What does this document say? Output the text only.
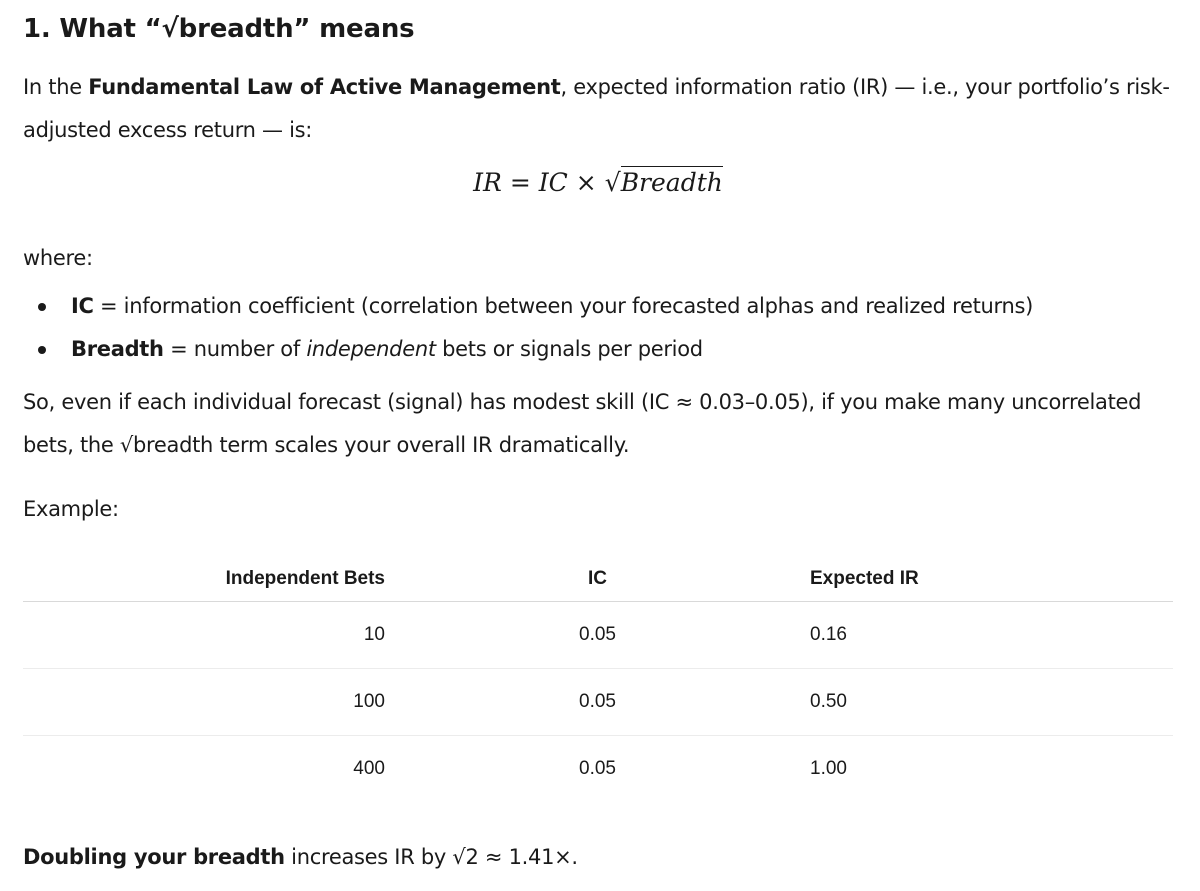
1. What “√breadth” means

In the Fundamental Law of Active Management, expected information ratio (IR) — i.e., your portfolio’s risk-adjusted excess return — is:

IR = IC × √Breadth

where:

IC = information coefficient (correlation between your forecasted alphas and realized returns)
Breadth = number of independent bets or signals per period

So, even if each individual forecast (signal) has modest skill (IC ≈ 0.03–0.05), if you make many uncorrelated bets, the √breadth term scales your overall IR dramatically.

Example:

Independent Bets	IC	Expected IR
10	0.05	0.16
100	0.05	0.50
400	0.05	1.00

Doubling your breadth increases IR by √2 ≈ 1.41×.
